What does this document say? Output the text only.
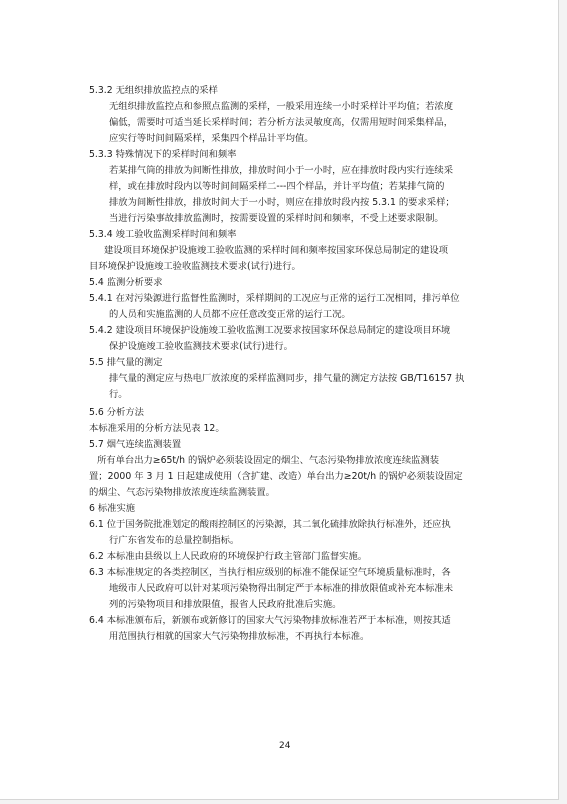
5.3.2 无组织排放监控点的采样
无组织排放监控点和参照点监测的采样，一般采用连续一小时采样计平均值；若浓度
偏低，需要时可适当延长采样时间；若分析方法灵敏度高，仅需用短时间采集样品，
应实行等时间间隔采样，采集四个样品计平均值。
5.3.3 特殊情况下的采样时间和频率
若某排气筒的排放为间断性排放，排放时间小于一小时，应在排放时段内实行连续采
样，或在排放时段内以等时间间隔采样二---四个样品，并计平均值；若某排气筒的
排放为间断性排放，排放时间大于一小时，则应在排放时段内按 5.3.1 的要求采样；
当进行污染事故排放监测时，按需要设置的采样时间和频率，不受上述要求限制。
5.3.4 竣工验收监测采样时间和频率
建设项目环境保护设施竣工验收监测的采样时间和频率按国家环保总局制定的建设项
目环境保护设施竣工验收监测技术要求(试行)进行。
5.4 监测分析要求
5.4.1 在对污染源进行监督性监测时，采样期间的工况应与正常的运行工况相同，排污单位
的人员和实施监测的人员都不应任意改变正常的运行工况。
5.4.2 建设项目环境保护设施竣工验收监测工况要求按国家环保总局制定的建设项目环境
保护设施竣工验收监测技术要求(试行)进行。
5.5 排气量的测定
排气量的测定应与热电厂放浓度的采样监测同步，排气量的测定方法按 GB/T16157 执
行。
5.6 分析方法
本标准采用的分析方法见表 12。
5.7 烟气连续监测装置
所有单台出力≥65t/h 的锅炉必须装设固定的烟尘、气态污染物排放浓度连续监测装
置；2000 年 3 月 1 日起建成使用（含扩建、改造）单台出力≥20t/h 的锅炉必须装设固定
的烟尘、气态污染物排放浓度连续监测装置。
6 标准实施
6.1 位于国务院批准划定的酸雨控制区的污染源，其二氧化硫排放除执行标准外，还应执
行广东省发布的总量控制指标。
6.2 本标准由县级以上人民政府的环境保护行政主管部门监督实施。
6.3 本标准规定的各类控制区，当执行相应级别的标准不能保证空气环境质量标准时，各
地级市人民政府可以针对某项污染物得出制定严于本标准的排放限值或补充本标准未
列的污染物项目和排放限值，报省人民政府批准后实施。
6.4 本标准颁布后，新颁布或新修订的国家大气污染物排放标准若严于本标准，则按其适
用范围执行相就的国家大气污染物排放标准，不再执行本标准。
24
